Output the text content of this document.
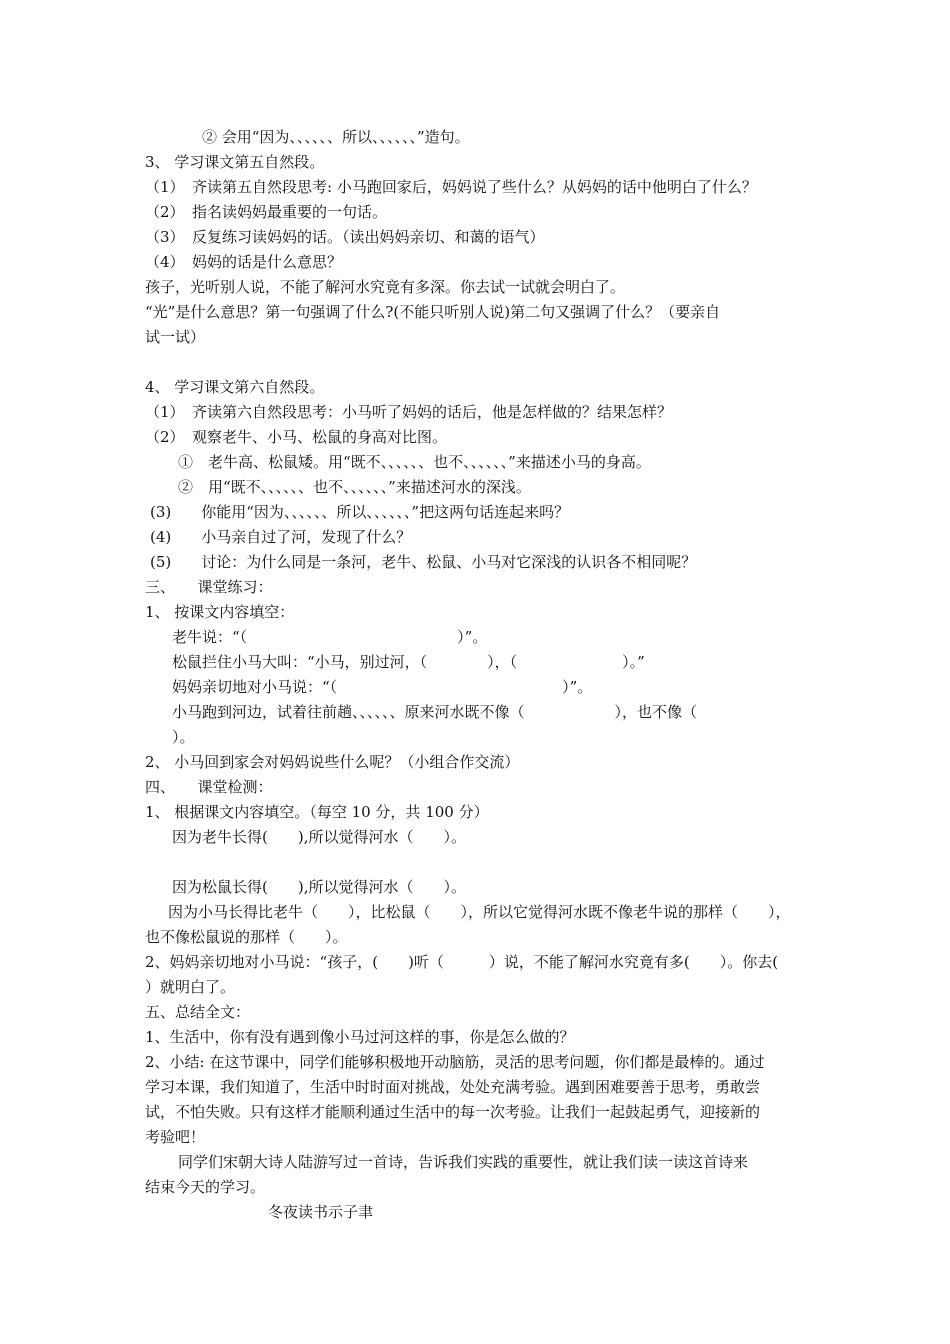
② 会用“因为、、、、、、所以、、、、、、”造句。
3、 学习课文第五自然段。
（1）　齐读第五自然段思考: 小马跑回家后，妈妈说了些什么？从妈妈的话中他明白了什么？
（2）　指名读妈妈最重要的一句话。
（3）　反复练习读妈妈的话。（读出妈妈亲切、和蔼的语气）
（4）　妈妈的话是什么意思？
孩子，光听别人说，不能了解河水究竟有多深。你去试一试就会明白了。
“光”是什么意思？第一句强调了什么?(不能只听别人说)第二句又强调了什么？（要亲自
试一试）
4、 学习课文第六自然段。
（1）　齐读第六自然段思考：小马听了妈妈的话后，他是怎样做的？结果怎样？
（2）　观察老牛、小马、松鼠的身高对比图。
①　老牛高、松鼠矮。用“既不、、、、、、也不、、、、、、”来描述小马的身高。
②　用“既不、、、、、、也不、、、、、、”来描述河水的深浅。
(3)　　你能用“因为、、、、、、所以、、、、、、”把这两句话连起来吗？
(4)　　小马亲自过了河，发现了什么？
(5)　　讨论：为什么同是一条河，老牛、松鼠、小马对它深浅的认识各不相同呢？
三、　　课堂练习：
1、 按课文内容填空：
老牛说：“（　　　　　　　　　　　　　　）”。
松鼠拦住小马大叫：“小马，别过河，（　　　　），（　　　　　　　）。”
妈妈亲切地对小马说：“（　　　　　　　　　　　　　　　）”。
小马跑到河边，试着往前趟、、、、、、原来河水既不像（　　　　　　），也不像（
）。
2、 小马回到家会对妈妈说些什么呢？（小组合作交流）
四、　　课堂检测：
1、 根据课文内容填空。（每空 10 分，共 100 分）
因为老牛长得(　　),所以觉得河水（　　）。
因为松鼠长得(　　),所以觉得河水（　　）。
因为小马长得比老牛（　　），比松鼠（　　），所以它觉得河水既不像老牛说的那样（　　），
也不像松鼠说的那样（　　）。
2、妈妈亲切地对小马说：“孩子，(　　)听（　　　）说，不能了解河水究竟有多(　　）。你去(
）就明白了。
五、总结全文：
1、生活中，你有没有遇到像小马过河这样的事，你是怎么做的？
2、小结: 在这节课中，同学们能够积极地开动脑筋，灵活的思考问题，你们都是最棒的。通过
学习本课，我们知道了，生活中时时面对挑战，处处充满考验。遇到困难要善于思考，勇敢尝
试，不怕失败。只有这样才能顺利通过生活中的每一次考验。让我们一起鼓起勇气，迎接新的
考验吧！
同学们宋朝大诗人陆游写过一首诗，告诉我们实践的重要性，就让我们读一读这首诗来
结束今天的学习。
冬夜读书示子聿
